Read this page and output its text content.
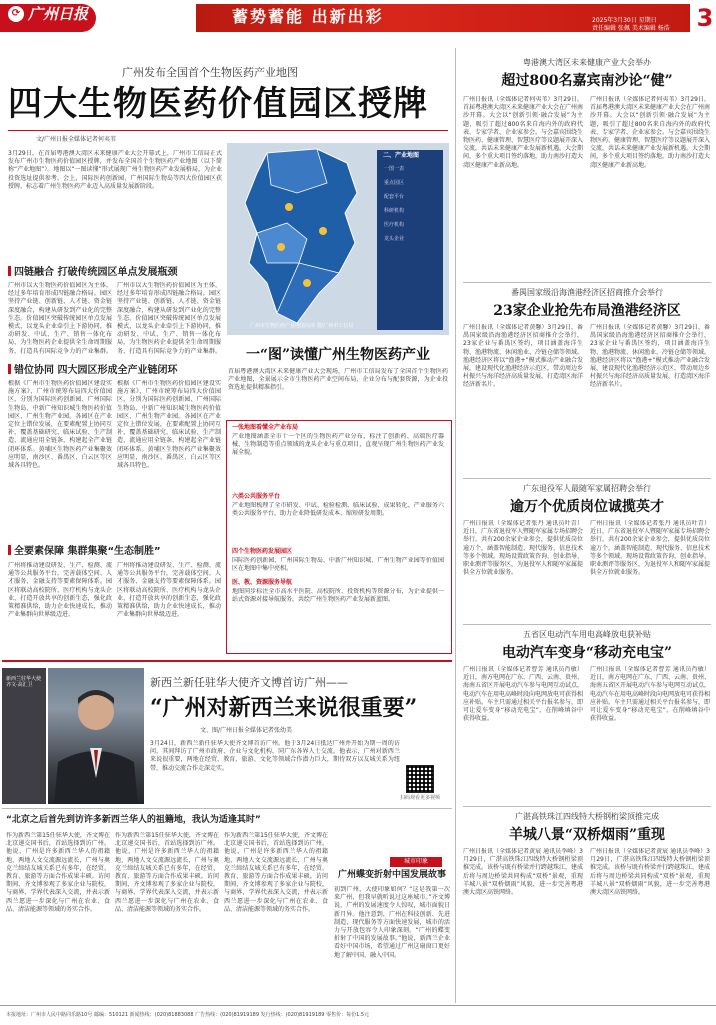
⟳ 广州日报	蓄势蓄能 出新出彩	2025年3月30日 星期日
责任编辑 张佩 美术编辑 杨浩 3
广州发布全国首个生物医药产业地图
四大生物医药价值园区授牌
文/广州日报全媒体记者何夷苇
3月29日，在首届粤港澳大湾区未来健康产业大会开幕式上，广州市工信局正式发布广州市生物医药价值园区授牌，并发布全国首个生物医药产业地图（以下简称“产业地图”）。地图以“一图读懂”形式展现广州生物医药产业发展格局，为企业投资选址提供参考。会上，国际医药创新园、广州国际生物岛等四大价值园区获授牌，标志着广州生物医药产业迈入高质量发展新阶段。
四链融合 打破传统园区单点发展瓶颈
广州市以大生物医药价值园区为主体，经过多年培育形成四链融合格局。园区坚持产业链、创新链、人才链、资金链深度融合，构建从研发到产业化的完整生态。价值园区突破传统园区单点发展模式，以龙头企业牵引上下游协同，推动研发、中试、生产、销售一体化布局，为生物医药企业提供全生命周期服务，打造具有国际竞争力的产业集群。
广州市以大生物医药价值园区为主体，经过多年培育形成四链融合格局。园区坚持产业链、创新链、人才链、资金链深度融合，构建从研发到产业化的完整生态。价值园区突破传统园区单点发展模式，以龙头企业牵引上下游协同，推动研发、中试、生产、销售一体化布局，为生物医药企业提供全生命周期服务，打造具有国际竞争力的产业集群。
错位协同 四大园区形成全产业链闭环
根据《广州市生物医药价值园区建设实施方案》，广州市统筹布局四大价值园区，分别为国际医药创新园、广州国际生物岛、中新广州知识城生物医药价值园区、广州生物产业园。各园区在产业定位上错位发展，在要素配置上协同互补，覆盖基础研究、临床试验、生产制造、流通应用全链条，构建起全产业链闭环体系。黄埔区生物医药产业集聚效应明显，南沙区、番禺区、白云区等区域各具特色。
根据《广州市生物医药价值园区建设实施方案》，广州市统筹布局四大价值园区，分别为国际医药创新园、广州国际生物岛、中新广州知识城生物医药价值园区、广州生物产业园。各园区在产业定位上错位发展，在要素配置上协同互补，覆盖基础研究、临床试验、生产制造、流通应用全链条，构建起全产业链闭环体系。黄埔区生物医药产业集聚效应明显，南沙区、番禺区、白云区等区域各具特色。
全要素保障 集群集聚“生态制胜”
广州将推动建设研发、生产、检测、流通等公共服务平台，完善载体空间、人才服务、金融支持等要素保障体系。园区将联动高校院所、医疗机构与龙头企业，打造开放共享的创新生态，强化政策精准供给，助力企业快速成长，推动产业集群向世界级迈进。
广州将推动建设研发、生产、检测、流通等公共服务平台，完善载体空间、人才服务、金融支持等要素保障体系。园区将联动高校院所、医疗机构与龙头企业，打造开放共享的创新生态，强化政策精准供给，助力企业快速成长，推动产业集群向世界级迈进。
二、产业地图
一图一表
重点园区
配套平台
科研机构
医疗机构
龙头企业
广州市生物医药产业地图局部 图/广州市工信局
一“图”读懂广州生物医药产业
首届粤港澳大湾区未来健康产业大会现场，广州市工信局发布了全国首个生物医药产业地图，全景展示全市生物医药产业空间布局、企业分布与配套资源，为企业投资选址提供精准指引。
一张地图看懂全产业布局
产业地图涵盖全市十一个区的生物医药产业分布，标注了创新药、高端医疗器械、生物制造等重点领域的龙头企业与重点项目，直观呈现广州生物医药产业发展全貌。
六类公共服务平台
产业地图梳理了全市研发、中试、检验检测、临床试验、成果转化、产业服务六类公共服务平台，助力企业降低研发成本、缩短研发周期。
四个生物医药发展园区
国际医药创新园、广州国际生物岛、中新广州知识城、广州生物产业园等价值园区在地图中集中亮相。
医、教、资源服务导航
地图同步标注全市高水平医院、高校院所、投资机构等资源分布，为企业提供一站式资源对接导航服务，共绘广州生物医药产业发展新蓝图。
粤港澳大湾区未来健康产业大会举办
超过800名嘉宾南沙论“健”
广州日报讯（全媒体记者何夷苇）3月29日，首届粤港澳大湾区未来健康产业大会在广州南沙开幕。大会以“创新引领·融合发展”为主题，吸引了超过800名来自海内外的政府代表、专家学者、企业家参会。与会嘉宾围绕生物医药、健康管理、智慧医疗等议题展开深入交流，共话未来健康产业发展新机遇。大会期间，多个重大项目签约落地，助力南沙打造大湾区健康产业新高地。
广州日报讯（全媒体记者何夷苇）3月29日，首届粤港澳大湾区未来健康产业大会在广州南沙开幕。大会以“创新引领·融合发展”为主题，吸引了超过800名来自海内外的政府代表、专家学者、企业家参会。与会嘉宾围绕生物医药、健康管理、智慧医疗等议题展开深入交流，共话未来健康产业发展新机遇。大会期间，多个重大项目签约落地，助力南沙打造大湾区健康产业新高地。
番禺国家级沿海渔港经济区招商推介会举行
23家企业抢先布局渔港经济区
广州日报讯（全媒体记者黄馨）3月29日，番禺国家级沿海渔港经济区招商推介会举行，23家企业与番禺区签约，项目涵盖海洋生物、渔港物流、休闲渔业、冷链仓储等领域。渔港经济区将以“渔港+”模式推动产业融合发展，建设现代化渔港经济示范区，带动周边乡村振兴与海洋经济高质量发展，打造湾区海洋经济新名片。
广州日报讯（全媒体记者黄馨）3月29日，番禺国家级沿海渔港经济区招商推介会举行，23家企业与番禺区签约，项目涵盖海洋生物、渔港物流、休闲渔业、冷链仓储等领域。渔港经济区将以“渔港+”模式推动产业融合发展，建设现代化渔港经济示范区，带动周边乡村振兴与海洋经济高质量发展，打造湾区海洋经济新名片。
广东退役军人最随军家属招聘会举行
逾万个优质岗位诚揽英才
广州日报讯（全媒体记者张丹 通讯员叶青）近日，广东省退役军人暨随军家属专场招聘会举行，共有200余家企业参会，提供优质岗位逾万个，涵盖智能制造、现代服务、信息技术等多个领域。现场设置政策咨询、创业指导、职业测评等服务区，为退役军人和随军家属提供全方位就业服务。
广州日报讯（全媒体记者张丹 通讯员叶青）近日，广东省退役军人暨随军家属专场招聘会举行，共有200余家企业参会，提供优质岗位逾万个，涵盖智能制造、现代服务、信息技术等多个领域。现场设置政策咨询、创业指导、职业测评等服务区，为退役军人和随军家属提供全方位就业服务。
五省区电动汽车用电高峰放电获补贴
电动汽车变身“移动充电宝”
广州日报讯（全媒体记者曹芳 通讯员肖敏）近日，南方电网在广东、广西、云南、贵州、海南五省区开展电动汽车参与电网互动试点，电动汽车在用电高峰时段向电网放电可获得相应补贴。车主只需通过相关平台报名参与，即可让爱车变身“移动充电宝”，在削峰填谷中获得收益。
广州日报讯（全媒体记者曹芳 通讯员肖敏）近日，南方电网在广东、广西、云南、贵州、海南五省区开展电动汽车参与电网互动试点，电动汽车在用电高峰时段向电网放电可获得相应补贴。车主只需通过相关平台报名参与，即可让爱车变身“移动充电宝”，在削峰填谷中获得收益。
广湛高铁珠江四线特大桥钢桁梁顶推完成
羊城八景“双桥烟雨”重现
广州日报讯（全媒体记者黄宸 通讯员李峰）3月29日，广湛高铁珠江四线特大桥钢桁梁顶推完成。该桥与既有桥梁并行跨越珠江，建成后将与周边桥梁共同构成“双桥”景观，重现羊城八景“双桥烟雨”风貌，进一步完善粤港澳大湾区高铁网络。
广州日报讯（全媒体记者黄宸 通讯员李峰）3月29日，广湛高铁珠江四线特大桥钢桁梁顶推完成。该桥与既有桥梁并行跨越珠江，建成后将与周边桥梁共同构成“双桥”景观，重现羊城八景“双桥烟雨”风貌，进一步完善粤港澳大湾区高铁网络。
新西兰驻华大使齐文·高汇卫	新西兰新任驻华大使齐文博首访广州——
“广州对新西兰来说很重要”
文、图/广州日报全媒体记者张幼美
3月24日，新西兰新任驻华大使齐文博首访广州。他于3月24日抵达广州并开始为期一周的访问，其间拜访了广州市政府、企业与文化机构，同广东各界人士交流。他表示，广州对新西兰来说很重要，两地在经贸、教育、旅游、文化等领域合作潜力巨大，期待双方以友城关系为纽带，推动交流合作走深走实。
扫码观看更多视频
“北京之后首先到访许多新西兰华人的祖籍地，我认为适逢其时”
作为新西兰第15任驻华大使，齐文博在北京递交国书后，首站选择到访广州。他说，广州是许多新西兰华人的祖籍地，两地人文交流源远流长，广州与奥克兰缔结友城关系已有多年，在经贸、教育、旅游等方面合作成果丰硕。访问期间，齐文博参观了多家企业与院校，与商界、学界代表深入交流，并表示新西兰愿进一步深化与广州在农业、食品、清洁能源等领域的务实合作。
作为新西兰第15任驻华大使，齐文博在北京递交国书后，首站选择到访广州。他说，广州是许多新西兰华人的祖籍地，两地人文交流源远流长，广州与奥克兰缔结友城关系已有多年，在经贸、教育、旅游等方面合作成果丰硕。访问期间，齐文博参观了多家企业与院校，与商界、学界代表深入交流，并表示新西兰愿进一步深化与广州在农业、食品、清洁能源等领域的务实合作。
作为新西兰第15任驻华大使，齐文博在北京递交国书后，首站选择到访广州。他说，广州是许多新西兰华人的祖籍地，两地人文交流源远流长，广州与奥克兰缔结友城关系已有多年，在经贸、教育、旅游等方面合作成果丰硕。访问期间，齐文博参观了多家企业与院校，与商界、学界代表深入交流，并表示新西兰愿进一步深化与广州在农业、食品、清洁能源等领域的务实合作。
城市印象
广州蝶变折射中国发展故事
初到广州，大使印象如何？“这是我第一次来广州，但我早就听说过这座城市。”齐文博说，广州的发展速度令人惊叹，城市面貌日新月异。他注意到，广州在科技创新、先进制造、现代服务等方面快速发展，城市的活力与开放包容令人印象深刻。“广州的蝶变折射了中国的发展故事。”他说，新西兰企业看好中国市场，希望通过广州这扇窗口更好地了解中国、融入中国。
本报地址：广州市人民中路同乐路10号 邮编：510121 新闻热线：(020)81883088 广告热线：(020)81919189 发行热线：(020)81919189 零售价：每份1.5元
